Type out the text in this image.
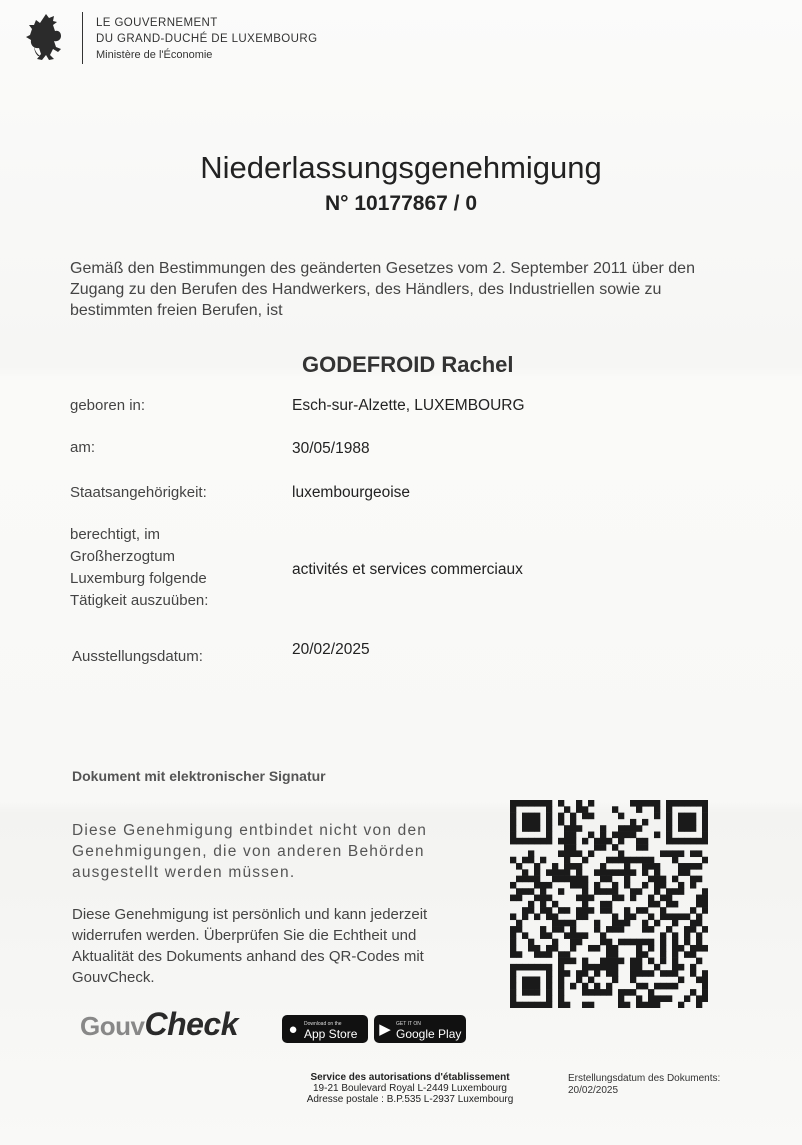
LE GOUVERNEMENT
DU GRAND-DUCHÉ DE LUXEMBOURG
Ministère de l'Économie
Niederlassungsgenehmigung
N° 10177867 / 0
Gemäß den Bestimmungen des geänderten Gesetzes vom 2. September 2011 über den
Zugang zu den Berufen des Handwerkers, des Händlers, des Industriellen sowie zu
bestimmten freien Berufen, ist
GODEFROID Rachel
geboren in:	Esch-sur-Alzette, LUXEMBOURG
am:	30/05/1988
Staatsangehörigkeit:	luxembourgeoise
berechtigt, im
Großherzogtum
Luxemburg folgende
Tätigkeit auszuüben:
activités et services commerciaux
Ausstellungsdatum:	20/02/2025
Dokument mit elektronischer Signatur
Diese Genehmigung entbindet nicht von den
Genehmigungen, die von anderen Behörden
ausgestellt werden müssen.
Diese Genehmigung ist persönlich und kann jederzeit
widerrufen werden. Überprüfen Sie die Echtheit und
Aktualität des Dokuments anhand des QR-Codes mit
GouvCheck.
GouvCheck	●	Download on the
App Store	▶	GET IT ON
Google Play
Service des autorisations d'établissement
19-21 Boulevard Royal L-2449 Luxembourg
Adresse postale : B.P.535 L-2937 Luxembourg
Erstellungsdatum des Dokuments:
20/02/2025
